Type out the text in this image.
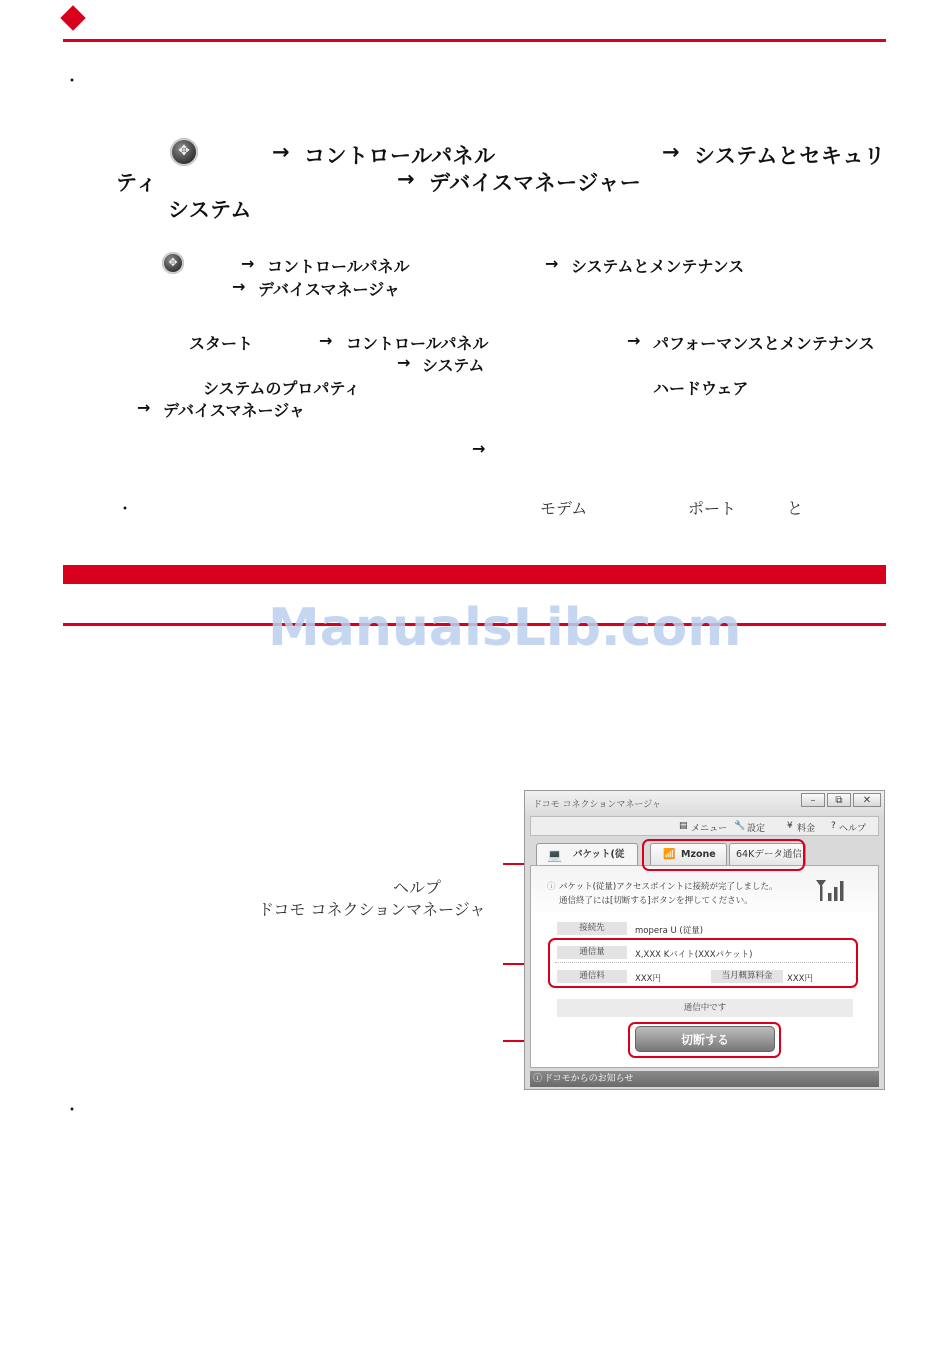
・
✥	→ コントロールパネル	→ システムとセキュリ
ティ	→ デバイスマネージャー
システム
✥	→ コントロールパネル	→ システムとメンテナンス
→ デバイスマネージャ
スタート	→ コントロールパネル	→ パフォーマンスとメンテナンス
→ システム
システムのプロパティ	ハードウェア
→ デバイスマネージャ
→
・	モデム	ポート	と
ManualsLib.com
ヘルプ
ドコモ コネクションマネージャ
ドコモ コネクションマネージャ	–	⧉	✕
▤ メニュー 🔧 設定 ¥ 料金 ? ヘルプ
💻 パケット(従	📶 Mzone	64Kデータ通信
ⓘ パケット(従量)アクセスポイントに接続が完了しました。
通信終了には[切断する]ボタンを押してください。
接続先	mopera U (従量)
通信量	X,XXX Kバイト(XXXパケット)
通信料	XXX円	当月概算料金	XXX円
通信中です
切断する
ⓘ ドコモからのお知らせ
・
